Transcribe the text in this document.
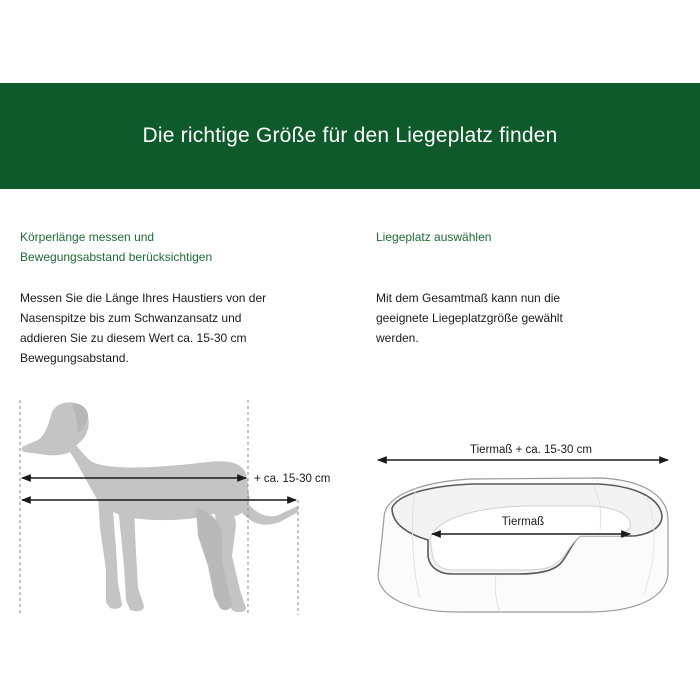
Die richtige Größe für den Liegeplatz finden

Körperlänge messen und
Bewegungsabstand berücksichtigen

Messen Sie die Länge Ihres Haustiers von der
Nasenspitze bis zum Schwanzansatz und
addieren Sie zu diesem Wert ca. 15-30 cm
Bewegungsabstand.

Liegeplatz auswählen

Mit dem Gesamtmaß kann nun die
geeignete Liegeplatzgröße gewählt
werden.

+ ca. 15-30 cm
Tiermaß + ca. 15-30 cm
Tiermaß
